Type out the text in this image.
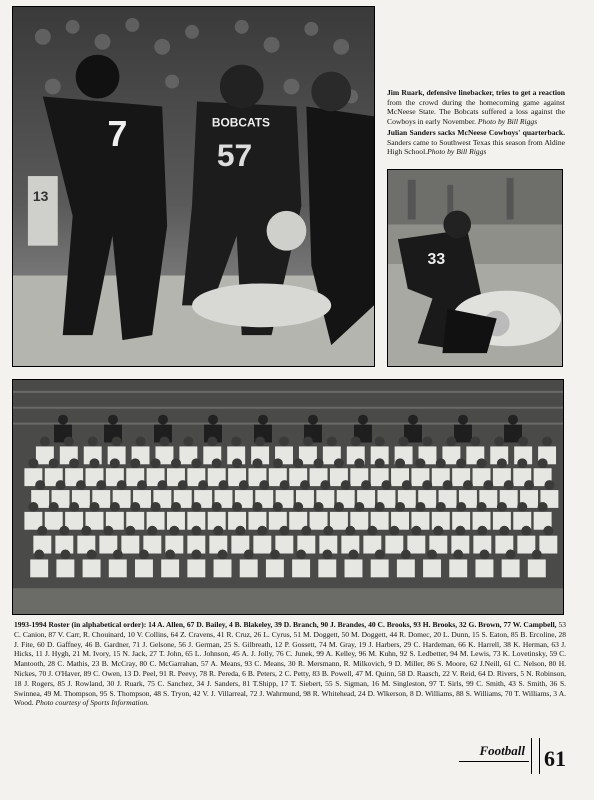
7	BOBCATS
57
13

Jim Ruark, defensive linebacker, tries to get a reaction from the crowd during the homecoming game against McNeese State. The Bobcats suffered a loss against the Cowboys in early November. Photo by Bill Riggs

Julian Sanders sacks McNeese Cowboys' quarterback. Sanders came to Southwest Texas this season from Aldine High School.Photo by Bill Riggs

33

1993-1994 Roster (in alphabetical order): 14 A. Allen, 67 D. Bailey, 4 B. Blakeley, 39 D. Branch, 90 J. Brandes, 40 C. Brooks, 93 H. Brooks, 32 G. Brown, 77 W. Campbell, 53 C. Canion, 87 V. Carr, R. Chouinard, 10 V. Collins, 64 Z. Cravens, 41 R. Cruz, 26 L. Cyrus, 51 M. Doggett, 50 M. Doggett, 44 R. Domec, 20 L. Dunn, 15 S. Eaton, 85 B. Ercoline, 28 J. Fite, 60 D. Gaffney, 46 B. Gardner, 71 J. Gelsone, 56 J. German, 25 S. Gilbreath, 12 P. Gossett, 74 M. Gray, 19 J. Harbers, 29 C. Hardeman, 66 K. Harrell, 38 K. Herman, 63 J. Hicks, 11 J. Hygh, 21 M. Ivory, 15 N. Jack, 27 T. John, 65 L. Johnson, 45 A. J. Jolly, 76 C. Junek, 99 A. Kelley, 96 M. Kuhn, 92 S. Ledbetter, 94 M. Lewis, 73 K. Lovetinsky, 59 C. Mantooth, 28 C. Mathis, 23 B. McCray, 80 C. McGarrahan, 57 A. Means, 93 C. Means, 30 R. Mersmann, R. Milkovich, 9 D. Miller, 86 S. Moore, 62 J.Neill, 61 C. Nelson, 80 H. Nickes, 70 J. O'Haver, 89 C. Owen, 13 D. Peel, 91 R. Peevy, 78 R. Pereda, 6 B. Peters, 2 C. Petty, 83 B. Powell, 47 M. Quinn, 58 D. Raasch, 22 V. Reid, 64 D. Rivers, 5 N. Robinson, 18 J. Rogers, 85 J. Rowland, 30 J. Ruark, 75 C. Sanchez, 34 J. Sanders, 81 T.Shipp, 17 T. Siebert, 55 S. Sigman, 16 M. Singleston, 97 T. Sirls, 99 C. Smith, 43 S. Smith, 36 S. Swinnea, 49 M. Thompson, 95 S. Thompson, 48 S. Tryon, 42 V. J. Villarreal, 72 J. Wahrmund, 98 R. Whitehead, 24 D. Wlkerson, 8 D. Williams, 88 S. Williams, 70 T. Williams, 3 A. Wood. Photo courtesy of Sports Information.

Football 61
